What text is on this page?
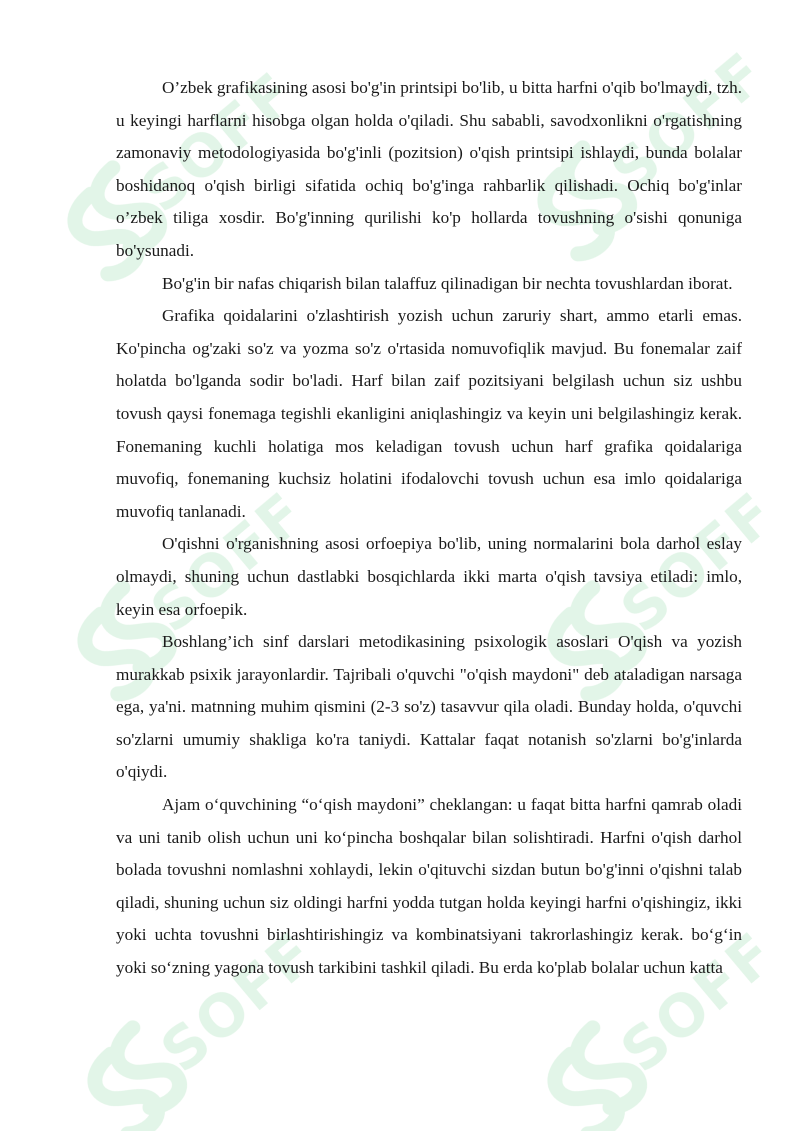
SOFF

O’zbek grafikasining asosi bo'g'in printsipi bo'lib, u bitta harfni o'qib bo'lmaydi, tzh. u keyingi harflarni hisobga olgan holda o'qiladi. Shu sababli, savodxonlikni o'rgatishning zamonaviy metodologiyasida bo'g'inli (pozitsion) o'qish printsipi ishlaydi, bunda bolalar boshidanoq o'qish birligi sifatida ochiq bo'g'inga rahbarlik qilishadi. Ochiq bo'g'inlar o’zbek tiliga xosdir. Bo'g'inning qurilishi ko'p hollarda tovushning o'sishi qonuniga bo'ysunadi.

Bo'g'in bir nafas chiqarish bilan talaffuz qilinadigan bir nechta tovushlardan iborat.

Grafika qoidalarini o'zlashtirish yozish uchun zaruriy shart, ammo etarli emas. Ko'pincha og'zaki so'z va yozma so'z o'rtasida nomuvofiqlik mavjud. Bu fonemalar zaif holatda bo'lganda sodir bo'ladi. Harf bilan zaif pozitsiyani belgilash uchun siz ushbu tovush qaysi fonemaga tegishli ekanligini aniqlashingiz va keyin uni belgilashingiz kerak. Fonemaning kuchli holatiga mos keladigan tovush uchun harf grafika qoidalariga muvofiq, fonemaning kuchsiz holatini ifodalovchi tovush uchun esa imlo qoidalariga muvofiq tanlanadi.

O'qishni o'rganishning asosi orfoepiya bo'lib, uning normalarini bola darhol eslay olmaydi, shuning uchun dastlabki bosqichlarda ikki marta o'qish tavsiya etiladi: imlo, keyin esa orfoepik.

Boshlang’ich sinf darslari metodikasining psixologik asoslari O'qish va yozish murakkab psixik jarayonlardir. Tajribali o'quvchi "o'qish maydoni" deb ataladigan narsaga ega, ya'ni. matnning muhim qismini (2-3 so'z) tasavvur qila oladi. Bunday holda, o'quvchi so'zlarni umumiy shakliga ko'ra taniydi. Kattalar faqat notanish so'zlarni bo'g'inlarda o'qiydi.

Ajam o‘quvchining “o‘qish maydoni” cheklangan: u faqat bitta harfni qamrab oladi va uni tanib olish uchun uni ko‘pincha boshqalar bilan solishtiradi. Harfni o'qish darhol bolada tovushni nomlashni xohlaydi, lekin o'qituvchi sizdan butun bo'g'inni o'qishni talab qiladi, shuning uchun siz oldingi harfni yodda tutgan holda keyingi harfni o'qishingiz, ikki yoki uchta tovushni birlashtirishingiz va kombinatsiyani takrorlashingiz kerak. bo‘g‘in yoki so‘zning yagona tovush tarkibini tashkil qiladi. Bu erda ko'plab bolalar uchun katta
